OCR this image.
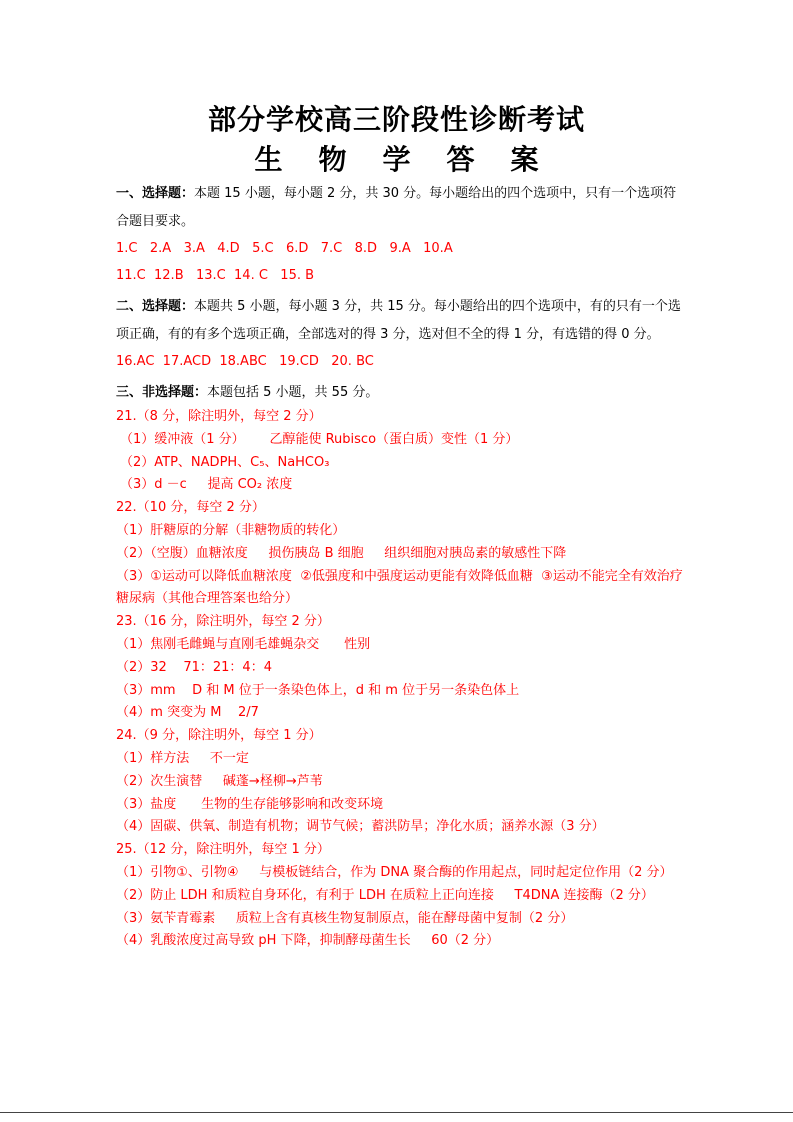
部分学校高三阶段性诊断考试
生物学答案

一、选择题：本题 15 小题，每小题 2 分，共 30 分。每小题给出的四个选项中，只有一个选项符合题目要求。

1.C   2.A   3.A   4.D   5.C   6.D   7.C   8.D   9.A   10.A

11.C  12.B   13.C  14. C   15. B

二、选择题：本题共 5 小题，每小题 3 分，共 15 分。每小题给出的四个选项中，有的只有一个选项正确，有的有多个选项正确，全部选对的得 3 分，选对但不全的得 1 分，有选错的得 0 分。

16.AC  17.ACD  18.ABC   19.CD   20. BC

三、非选择题：本题包括 5 小题，共 55 分。

21.（8 分，除注明外，每空 2 分）

（1）缓冲液（1 分）      乙醇能使 Rubisco（蛋白质）变性（1 分）

（2）ATP、NADPH、C₅、NaHCO₃

（3）d －c     提高 CO₂ 浓度

22.（10 分，每空 2 分）

（1）肝糖原的分解（非糖物质的转化）

（2）（空腹）血糖浓度     损伤胰岛 B 细胞     组织细胞对胰岛素的敏感性下降

（3）①运动可以降低血糖浓度  ②低强度和中强度运动更能有效降低血糖  ③运动不能完全有效治疗糖尿病（其他合理答案也给分）

23.（16 分，除注明外，每空 2 分）

（1）焦刚毛雌蝇与直刚毛雄蝇杂交      性别

（2）32    71：21：4：4

（3）mm    D 和 M 位于一条染色体上，d 和 m 位于另一条染色体上

（4）m 突变为 M    2/7

24.（9 分，除注明外，每空 1 分）

（1）样方法     不一定

（2）次生演替     碱蓬→柽柳→芦苇

（3）盐度      生物的生存能够影响和改变环境

（4）固碳、供氧、制造有机物；调节气候；蓄洪防旱；净化水质；涵养水源（3 分）

25.（12 分，除注明外，每空 1 分）

（1）引物①、引物④     与模板链结合，作为 DNA 聚合酶的作用起点，同时起定位作用（2 分）

（2）防止 LDH 和质粒自身环化，有利于 LDH 在质粒上正向连接     T4DNA 连接酶（2 分）

（3）氨苄青霉素     质粒上含有真核生物复制原点，能在酵母菌中复制（2 分）

（4）乳酸浓度过高导致 pH 下降，抑制酵母菌生长     60（2 分）
